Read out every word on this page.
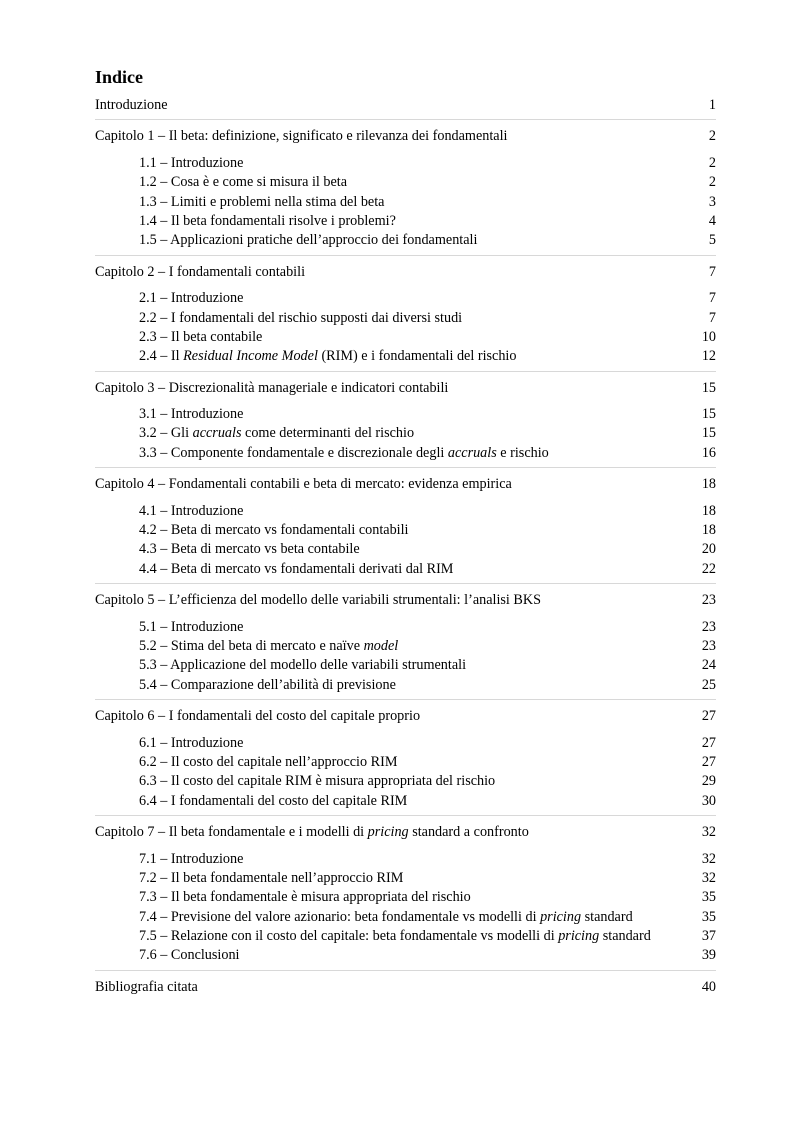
Indice
Introduzione	1
Capitolo 1 – Il beta: definizione, significato e rilevanza dei fondamentali	2
1.1 – Introduzione	2
1.2 – Cosa è e come si misura il beta	2
1.3 – Limiti e problemi nella stima del beta	3
1.4 – Il beta fondamentali risolve i problemi?	4
1.5 – Applicazioni pratiche dell’approccio dei fondamentali	5
Capitolo 2 – I fondamentali contabili	7
2.1 – Introduzione	7
2.2 – I fondamentali del rischio supposti dai diversi studi	7
2.3 – Il beta contabile	10
2.4 – Il Residual Income Model (RIM) e i fondamentali del rischio	12
Capitolo 3 – Discrezionalità manageriale e indicatori contabili	15
3.1 – Introduzione	15
3.2 – Gli accruals come determinanti del rischio	15
3.3 – Componente fondamentale e discrezionale degli accruals e rischio	16
Capitolo 4 – Fondamentali contabili e beta di mercato: evidenza empirica	18
4.1 – Introduzione	18
4.2 – Beta di mercato vs fondamentali contabili	18
4.3 – Beta di mercato vs beta contabile	20
4.4 – Beta di mercato vs fondamentali derivati dal RIM	22
Capitolo 5 – L’efficienza del modello delle variabili strumentali: l’analisi BKS	23
5.1 – Introduzione	23
5.2 – Stima del beta di mercato e naïve model	23
5.3 – Applicazione del modello delle variabili strumentali	24
5.4 – Comparazione dell’abilità di previsione	25
Capitolo 6 – I fondamentali del costo del capitale proprio	27
6.1 – Introduzione	27
6.2 – Il costo del capitale nell’approccio RIM	27
6.3 – Il costo del capitale RIM è misura appropriata del rischio	29
6.4 – I fondamentali del costo del capitale RIM	30
Capitolo 7 – Il beta fondamentale e i modelli di pricing standard a confronto	32
7.1 – Introduzione	32
7.2 – Il beta fondamentale nell’approccio RIM	32
7.3 – Il beta fondamentale è misura appropriata del rischio	35
7.4 – Previsione del valore azionario: beta fondamentale vs modelli di pricing standard	35
7.5 – Relazione con il costo del capitale: beta fondamentale vs modelli di pricing standard	37
7.6 – Conclusioni	39
Bibliografia citata	40
